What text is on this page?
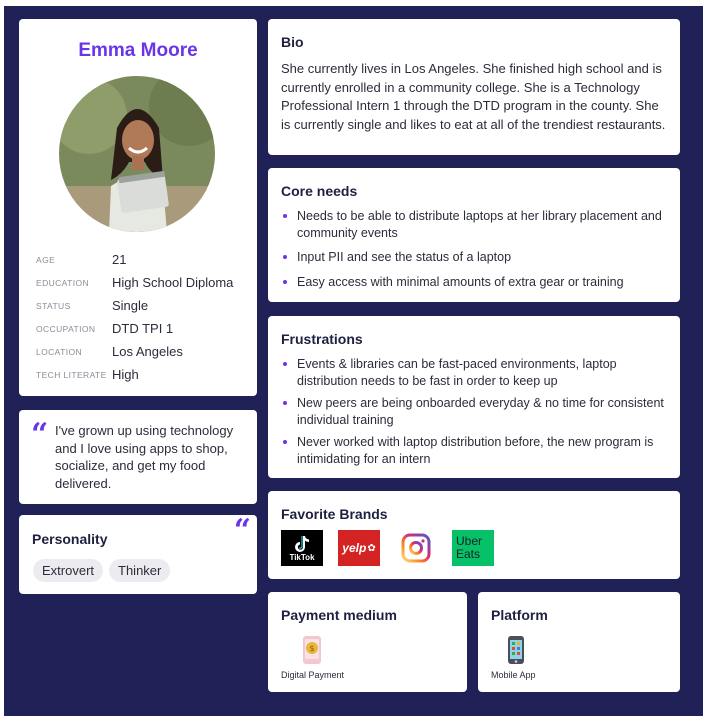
Emma Moore
AGE	21
EDUCATION	High School Diploma
STATUS	Single
OCCUPATION	DTD TPI 1
LOCATION	Los Angeles
TECH LITERATE High
“ I've grown up using technology and I love using apps to shop, socialize, and get my food delivered.
“
Personality
Extrovert	Thinker
Bio
She currently lives in Los Angeles. She finished high school and is currently enrolled in a community college. She is a Technology Professional Intern 1 through the DTD program in the county. She is currently single and likes to eat at all of the trendiest restaurants.
Core needs
Needs to be able to distribute laptops at her library placement and community events
Input PII and see the status of a laptop
Easy access with minimal amounts of extra gear or training
Frustrations
Events & libraries can be fast-paced environments, laptop distribution needs to be fast in order to keep up
New peers are being onboarded everyday & no time for consistent individual training
Never worked with laptop distribution before, the new program is intimidating for an intern
Favorite Brands
TikTok
yelp ✿	Uber Eats
Payment medium
$
Digital Payment
Platform
Mobile App
